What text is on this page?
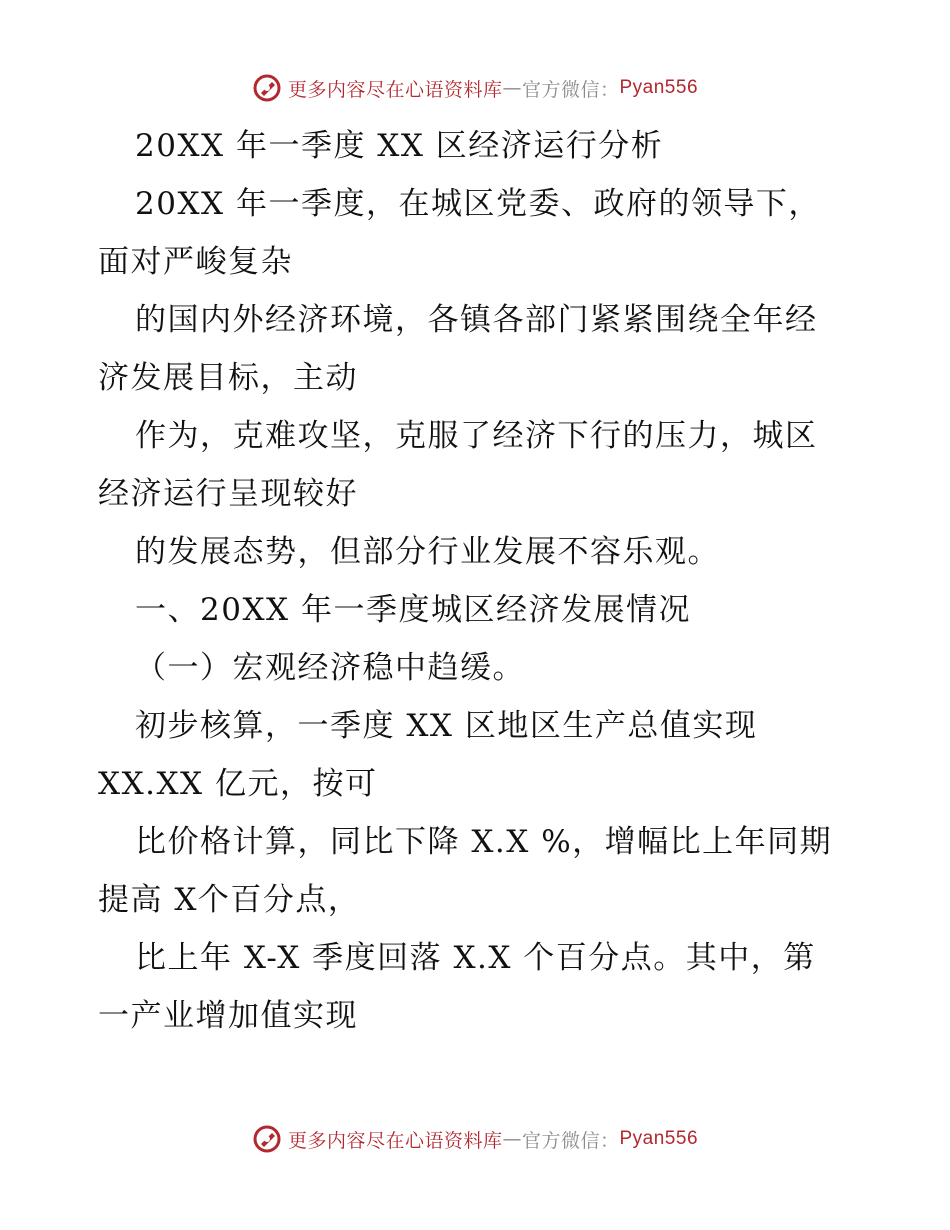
更多内容尽在心语资料库 — 官方微信： Pyan556
20XX 年一季度 XX 区经济运行分析
20XX 年一季度，在城区党委、政府的领导下，
面对严峻复杂
的国内外经济环境，各镇各部门紧紧围绕全年经
济发展目标，主动
作为，克难攻坚，克服了经济下行的压力，城区
经济运行呈现较好
的发展态势，但部分行业发展不容乐观。
一、20XX 年一季度城区经济发展情况
（一）宏观经济稳中趋缓。
初步核算，一季度 XX 区地区生产总值实现
XX.XX 亿元，按可
比价格计算，同比下降 X.X %，增幅比上年同期
提高 X个百分点，
比上年 X-X 季度回落 X.X 个百分点。其中，第
一产业增加值实现
更多内容尽在心语资料库 — 官方微信： Pyan556
